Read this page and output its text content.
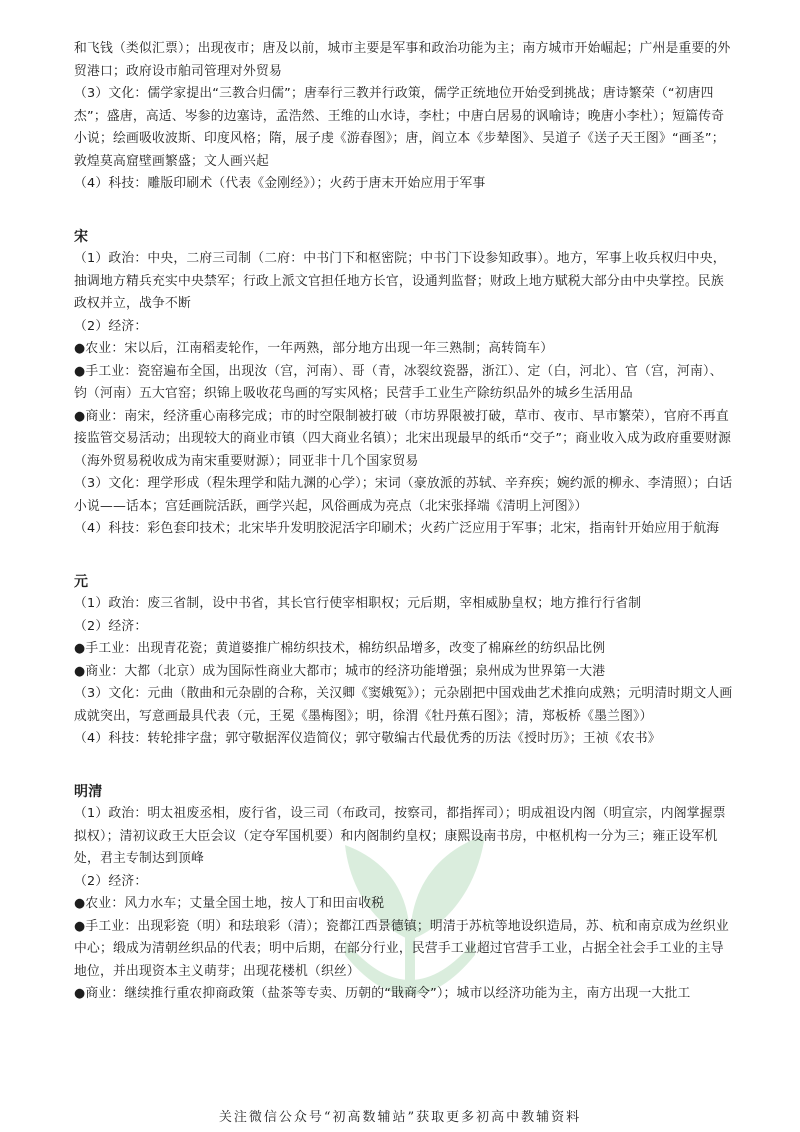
和飞钱（类似汇票）；出现夜市；唐及以前，城市主要是军事和政治功能为主；南方城市开始崛起；广州是重要的外贸港口；政府设市舶司管理对外贸易

（3）文化：儒学家提出“三教合归儒”；唐奉行三教并行政策，儒学正统地位开始受到挑战；唐诗繁荣（“初唐四杰”；盛唐，高适、岑参的边塞诗，孟浩然、王维的山水诗，李杜；中唐白居易的讽喻诗；晚唐小李杜）；短篇传奇小说；绘画吸收波斯、印度风格；隋，展子虔《游春图》；唐，阎立本《步辇图》、吴道子《送子天王图》“画圣”；敦煌莫高窟壁画繁盛；文人画兴起

（4）科技：雕版印刷术（代表《金刚经》）；火药于唐末开始应用于军事

宋

（1）政治：中央，二府三司制（二府：中书门下和枢密院；中书门下设参知政事）。地方，军事上收兵权归中央，抽调地方精兵充实中央禁军；行政上派文官担任地方长官，设通判监督；财政上地方赋税大部分由中央掌控。民族政权并立，战争不断

（2）经济：

●农业：宋以后，江南稻麦轮作，一年两熟，部分地方出现一年三熟制；高转筒车）

●手工业：瓷窑遍布全国，出现汝（宫，河南）、哥（青，冰裂纹瓷器，浙江）、定（白，河北）、官（宫，河南）、钧（河南）五大官窑；织锦上吸收花鸟画的写实风格；民营手工业生产除纺织品外的城乡生活用品

●商业：南宋，经济重心南移完成；市的时空限制被打破（市坊界限被打破，草市、夜市、早市繁荣），官府不再直接监管交易活动；出现较大的商业市镇（四大商业名镇）；北宋出现最早的纸币“交子”；商业收入成为政府重要财源（海外贸易税收成为南宋重要财源）；同亚非十几个国家贸易

（3）文化：理学形成（程朱理学和陆九渊的心学）；宋词（豪放派的苏轼、辛弃疾；婉约派的柳永、李清照）；白话小说——话本；宫廷画院活跃，画学兴起，风俗画成为亮点（北宋张择端《清明上河图》）

（4）科技：彩色套印技术；北宋毕升发明胶泥活字印刷术；火药广泛应用于军事；北宋，指南针开始应用于航海

元

（1）政治：废三省制，设中书省，其长官行使宰相职权；元后期，宰相威胁皇权；地方推行行省制

（2）经济：

●手工业：出现青花瓷；黄道婆推广棉纺织技术，棉纺织品增多，改变了棉麻丝的纺织品比例

●商业：大都（北京）成为国际性商业大都市；城市的经济功能增强；泉州成为世界第一大港

（3）文化：元曲（散曲和元杂剧的合称，关汉卿《窦娥冤》）；元杂剧把中国戏曲艺术推向成熟；元明清时期文人画成就突出，写意画最具代表（元，王冕《墨梅图》；明，徐渭《牡丹蕉石图》；清，郑板桥《墨兰图》）

（4）科技：转轮排字盘；郭守敬据浑仪造简仪；郭守敬编古代最优秀的历法《授时历》；王祯《农书》

明清

（1）政治：明太祖废丞相，废行省，设三司（布政司，按察司，都指挥司）；明成祖设内阁（明宣宗，内阁掌握票拟权）；清初议政王大臣会议（定夺军国机要）和内阁制约皇权；康熙设南书房，中枢机构一分为三；雍正设军机处，君主专制达到顶峰

（2）经济：

●农业：风力水车；丈量全国土地，按人丁和田亩收税

●手工业：出现彩瓷（明）和珐琅彩（清）；瓷都江西景德镇；明清于苏杭等地设织造局，苏、杭和南京成为丝织业中心；缎成为清朝丝织品的代表；明中后期，在部分行业，民营手工业超过官营手工业，占据全社会手工业的主导地位，并出现资本主义萌芽；出现花楼机（织丝）

●商业：继续推行重农抑商政策（盐茶等专卖、历朝的“戢商令”）；城市以经济功能为主，南方出现一大批工

关注微信公众号“初高数辅站”获取更多初高中教辅资料
